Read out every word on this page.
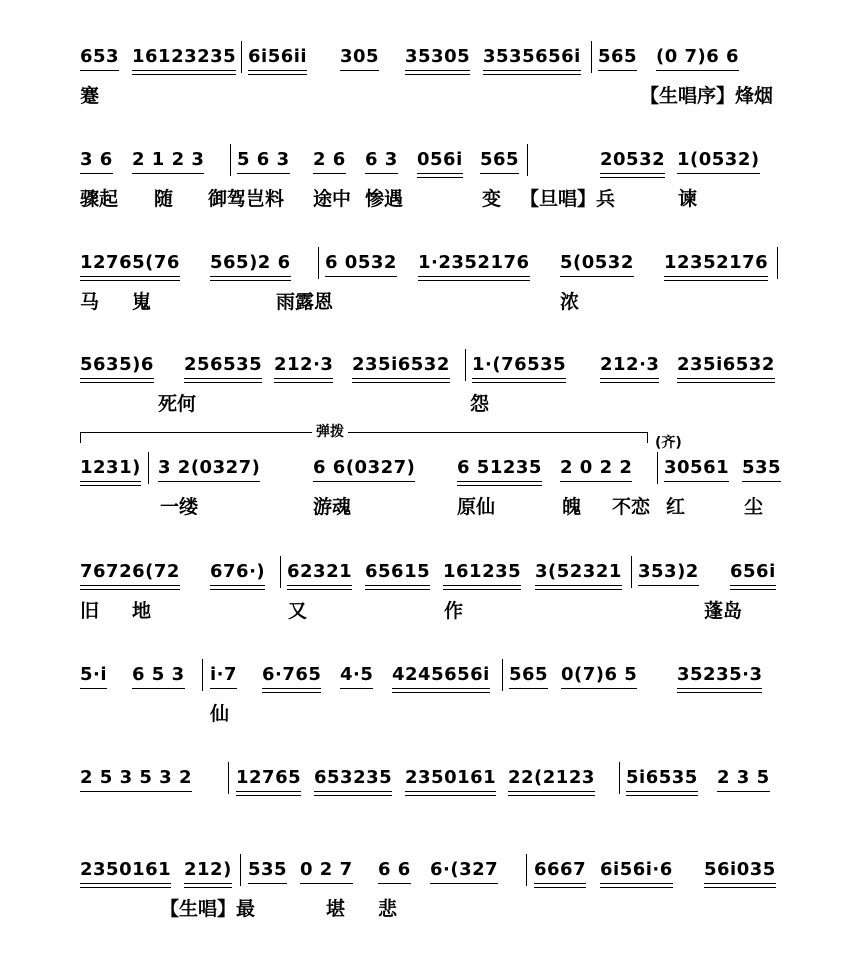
653 16123235 6i56ii 305 35305 3535656i 565 (0 7)6 6
蹇	【生唱序】烽烟
3 6 2 1 2 3 5 6 3 2 6 6 3 056i 565	20532 1(0532)
骤起 随 御驾岂料 途中 惨遇	变 【旦唱】兵	谏
12765(76 565)2 6 6 0532 1·2352176 5(0532 12352176
马 嵬	雨露恩	浓
5635)6 256535 212·3 235i6532 1·(76535 212·3 235i6532
死何	怨
弹拨
(齐)
1231) 3 2(0327)	6 6(0327) 6 51235 2 0 2 2 30561 535
一缕	游魂	原仙	魄 不恋 红	尘
76726(72 676·) 62321 65615 161235 3(52321 353)2 656i
旧 地	又	作	蓬岛
5·i 6 5 3 i·7 6·765 4·5 4245656i 565 0(7)6 5 35235·3
仙
2 5 3 5 3 2 12765 653235 2350161 22(2123 5i6535 2 3 5
2350161 212) 535 0 2 7 6 6 6·(327 6667 6i56i·6 56i035
【生唱】最	堪 悲
